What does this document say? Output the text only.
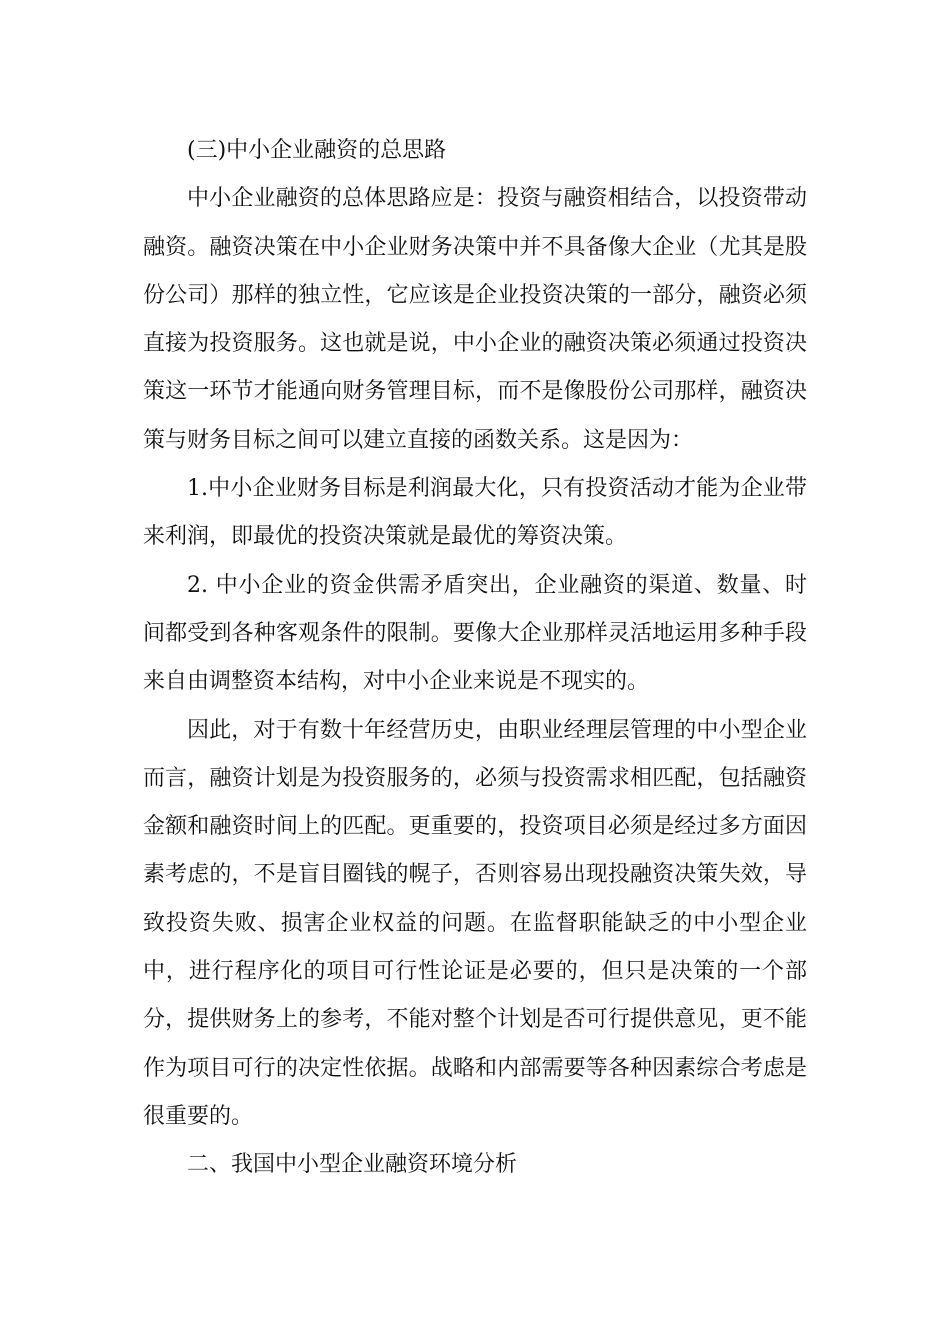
(三)中小企业融资的总思路

中小企业融资的总体思路应是：投资与融资相结合，以投资带动融资。融资决策在中小企业财务决策中并不具备像大企业（尤其是股份公司）那样的独立性，它应该是企业投资决策的一部分，融资必须直接为投资服务。这也就是说，中小企业的融资决策必须通过投资决策这一环节才能通向财务管理目标，而不是像股份公司那样，融资决策与财务目标之间可以建立直接的函数关系。这是因为：

1.中小企业财务目标是利润最大化，只有投资活动才能为企业带来利润，即最优的投资决策就是最优的筹资决策。

2. 中小企业的资金供需矛盾突出，企业融资的渠道、数量、时间都受到各种客观条件的限制。要像大企业那样灵活地运用多种手段来自由调整资本结构，对中小企业来说是不现实的。

因此，对于有数十年经营历史，由职业经理层管理的中小型企业而言，融资计划是为投资服务的，必须与投资需求相匹配，包括融资金额和融资时间上的匹配。更重要的，投资项目必须是经过多方面因素考虑的，不是盲目圈钱的幌子，否则容易出现投融资决策失效，导致投资失败、损害企业权益的问题。在监督职能缺乏的中小型企业中，进行程序化的项目可行性论证是必要的，但只是决策的一个部分，提供财务上的参考，不能对整个计划是否可行提供意见，更不能作为项目可行的决定性依据。战略和内部需要等各种因素综合考虑是很重要的。

二、我国中小型企业融资环境分析
